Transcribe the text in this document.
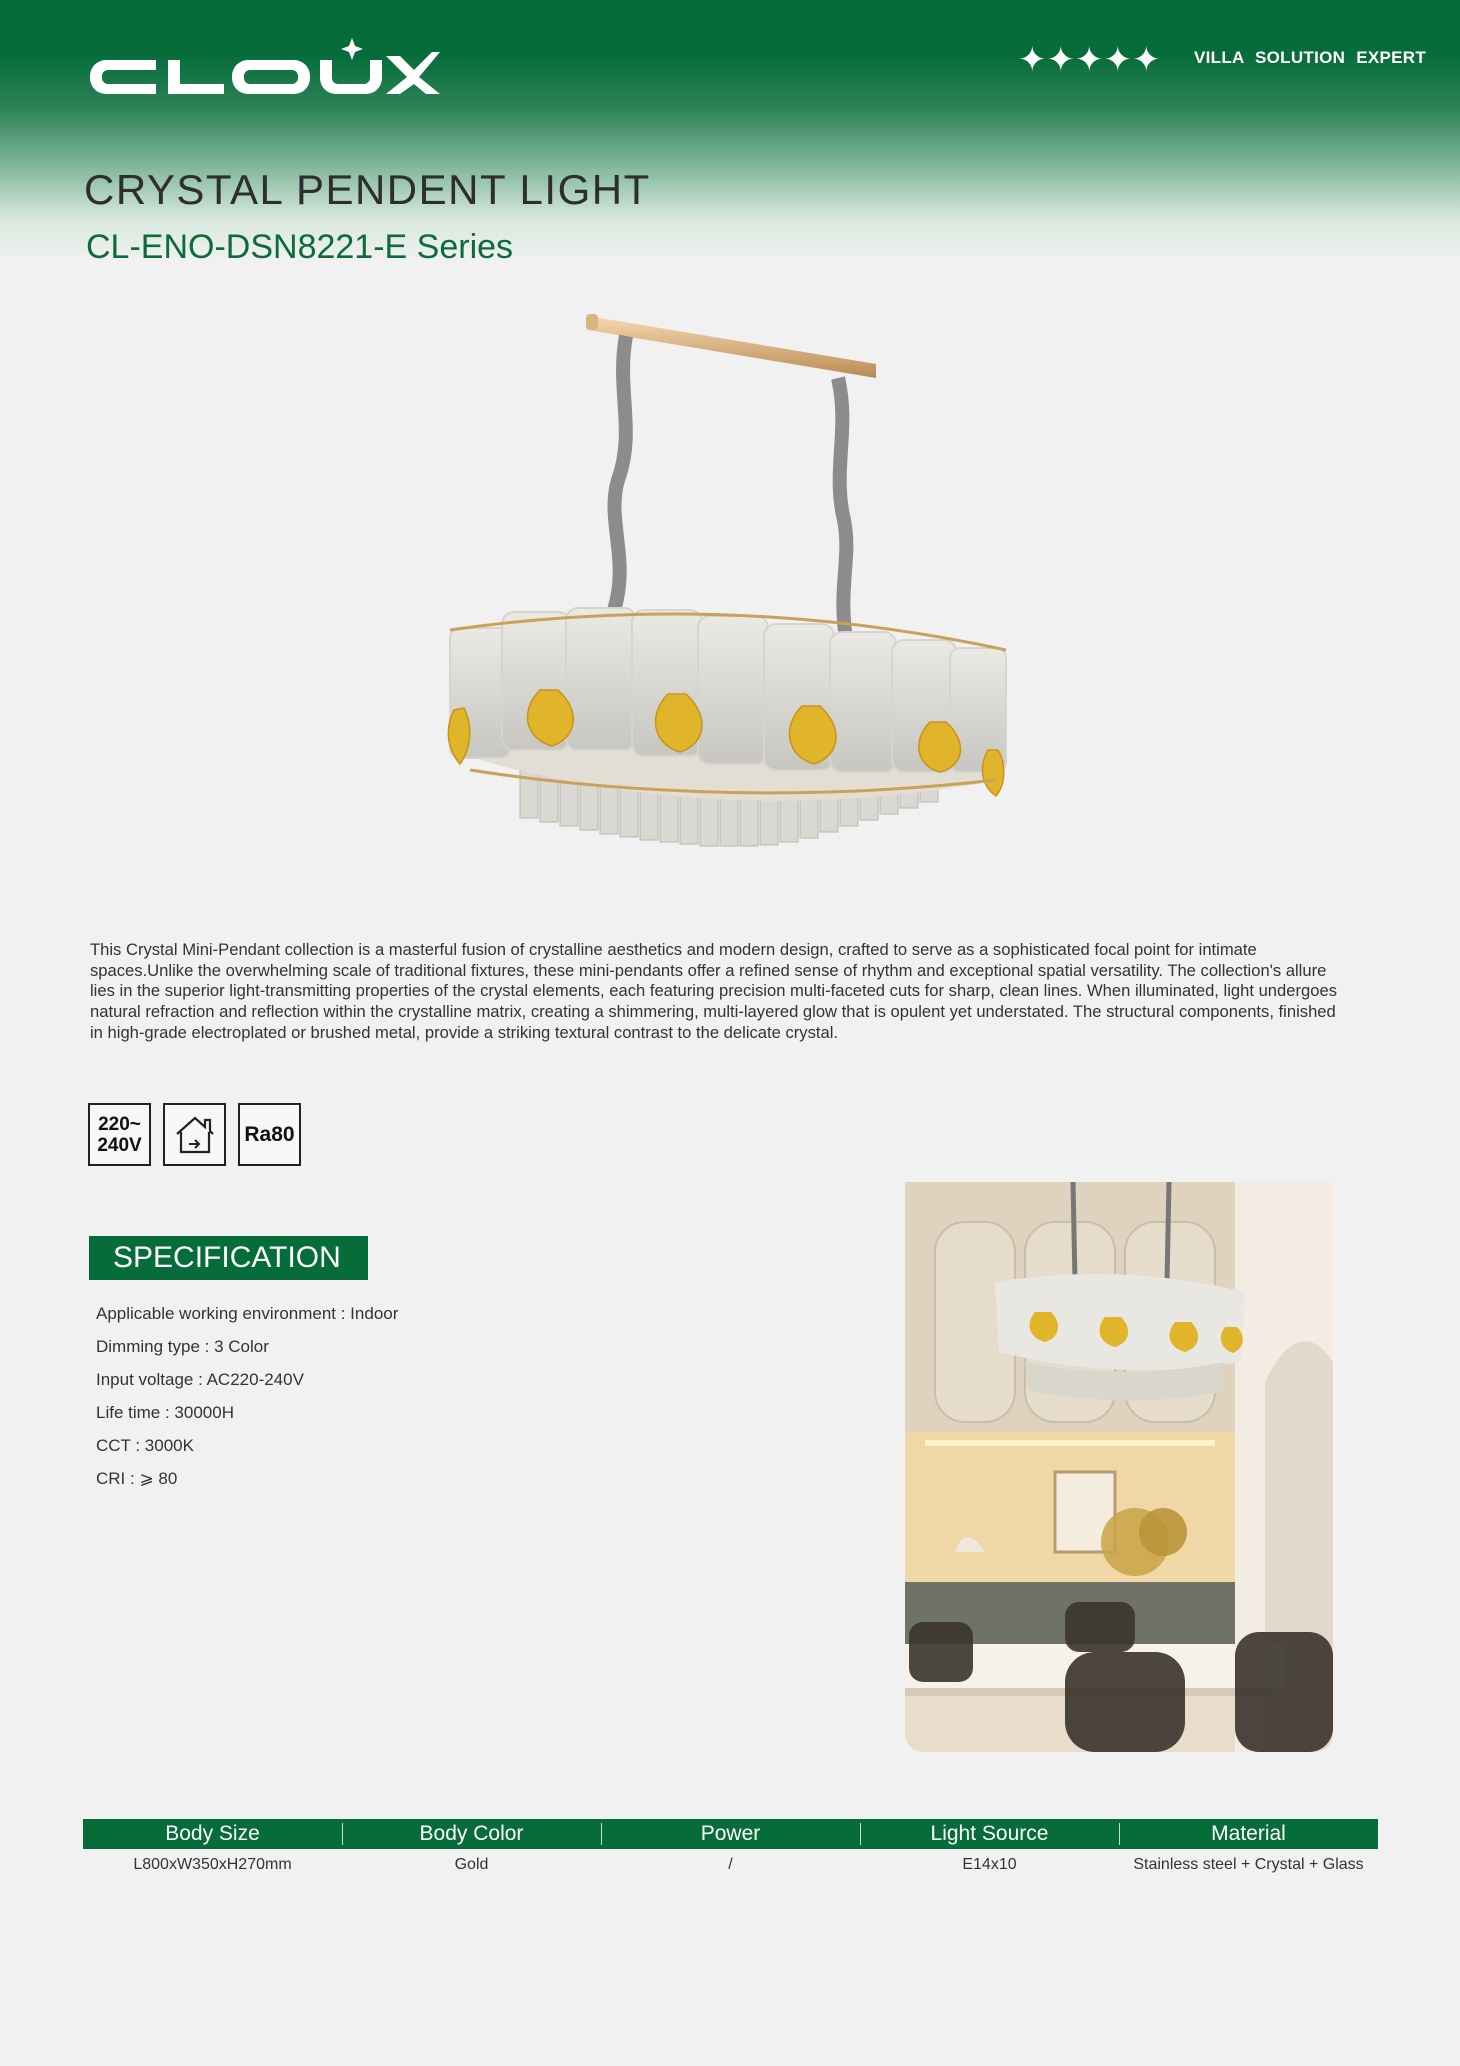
✦✦✦✦✦ VILLA SOLUTION EXPERT
CRYSTAL PENDENT LIGHT
CL-ENO-DSN8221-E Series

This Crystal Mini-Pendant collection is a masterful fusion of crystalline aesthetics and modern design, crafted to serve as a sophisticated focal point for intimate spaces.Unlike the overwhelming scale of traditional fixtures, these mini-pendants offer a refined sense of rhythm and exceptional spatial versatility. The collection's allure lies in the superior light-transmitting properties of the crystal elements, each featuring precision multi-faceted cuts for sharp, clean lines. When illuminated, light undergoes natural refraction and reflection within the crystalline matrix, creating a shimmering, multi-layered glow that is opulent yet understated. The structural components, finished in high-grade electroplated or brushed metal, provide a striking textural contrast to the delicate crystal.

220~
240V	Ra80
SPECIFICATION
Applicable working environment : Indoor
Dimming type : 3 Color
Input voltage : AC220-240V
Life time : 30000H
CCT : 3000K
CRI : ⩾ 80
Body Size	Body Color	Power	Light Source	Material
L800xW350xH270mm	Gold	/	E14x10	Stainless steel + Crystal + Glass
